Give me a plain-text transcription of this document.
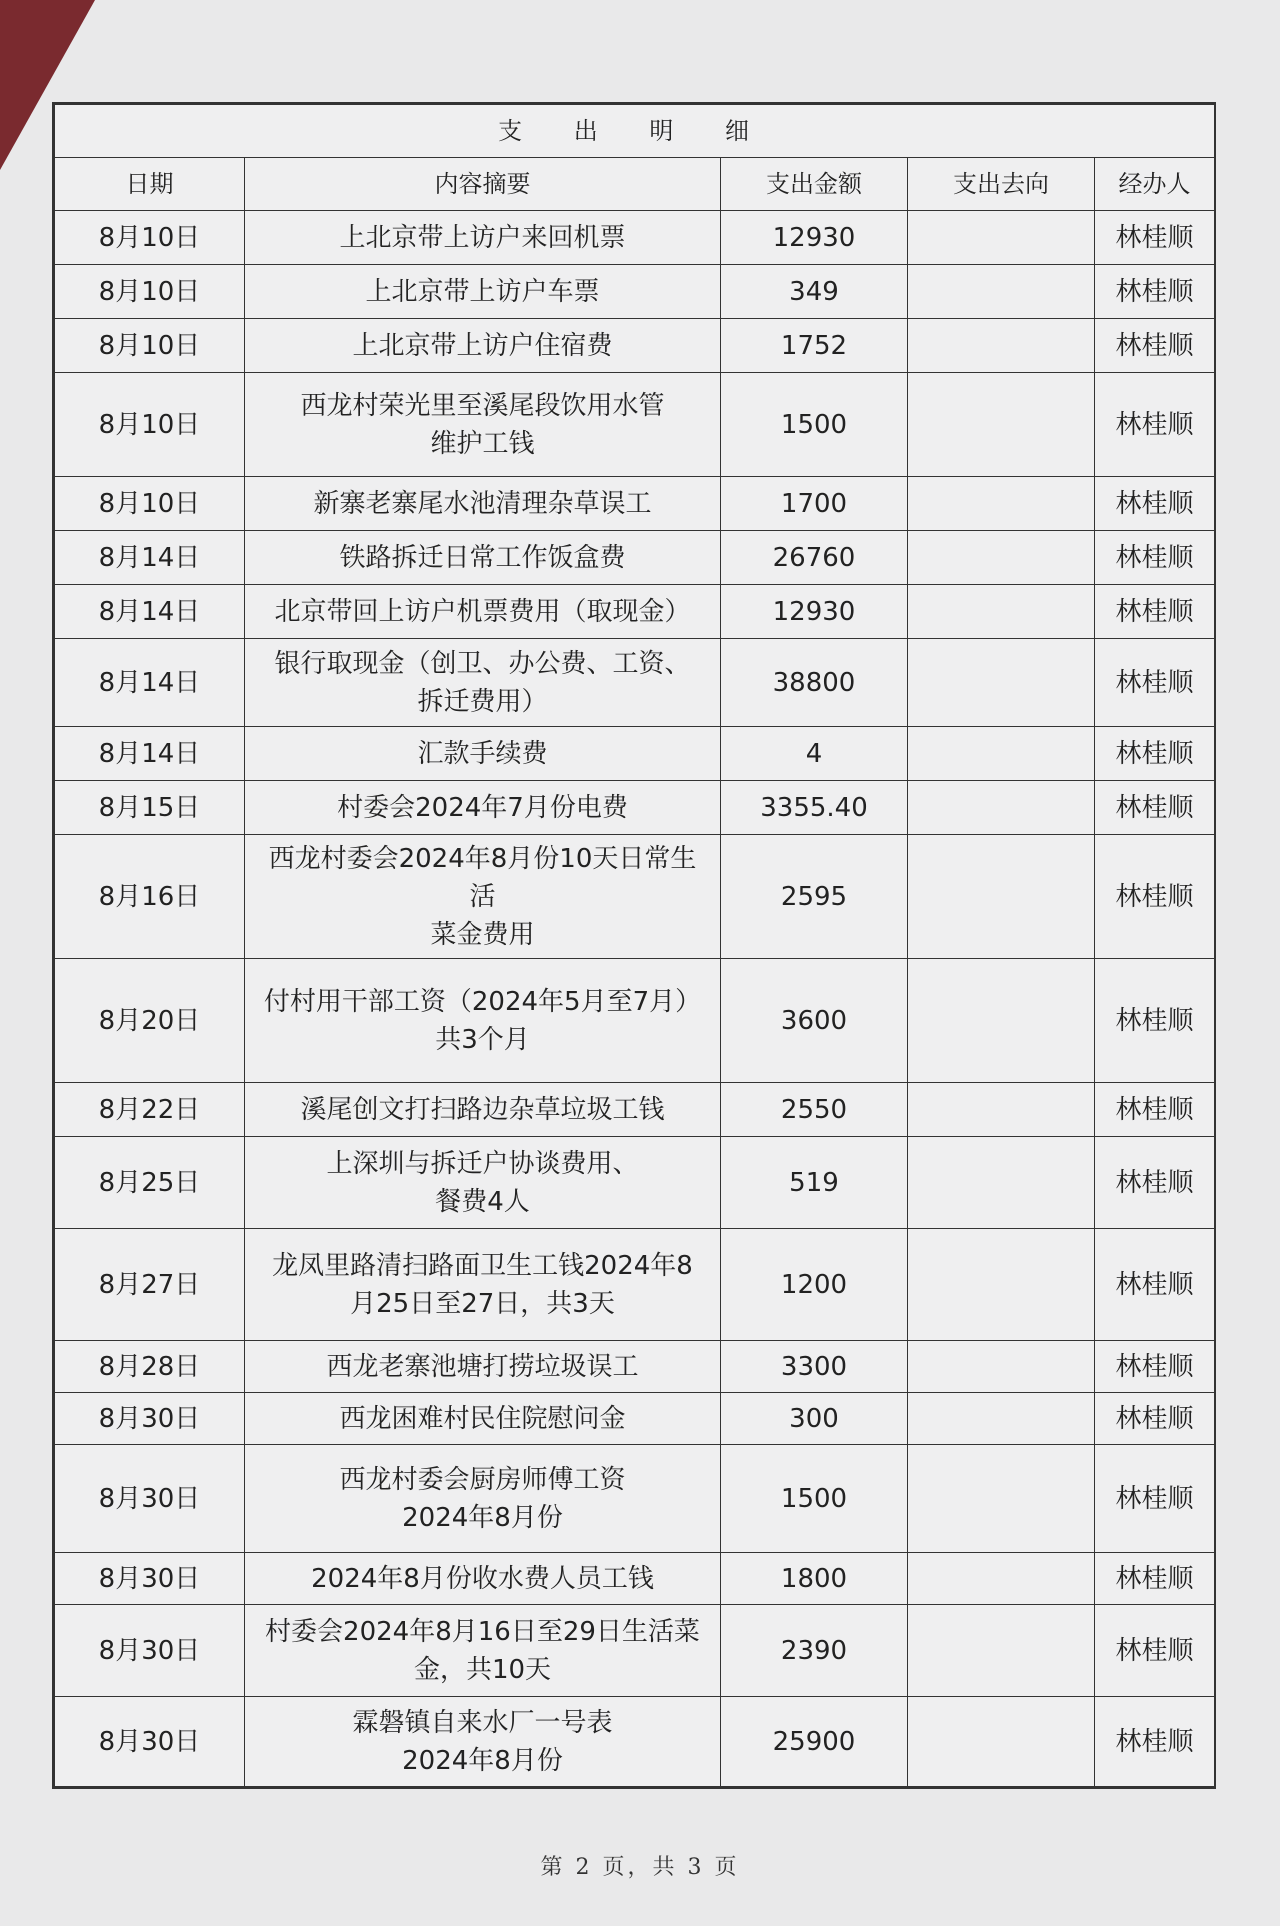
支 出 明 细				
日期	内容摘要	支出金额	支出去向	经办人
8月10日	上北京带上访户来回机票	12930		林桂顺
8月10日	上北京带上访户车票	349		林桂顺
8月10日	上北京带上访户住宿费	1752		林桂顺
8月10日	西龙村荣光里至溪尾段饮用水管
维护工钱	1500		林桂顺
8月10日	新寨老寨尾水池清理杂草误工	1700		林桂顺
8月14日	铁路拆迁日常工作饭盒费	26760		林桂顺
8月14日	北京带回上访户机票费用（取现金）	12930		林桂顺
8月14日	银行取现金（创卫、办公费、工资、
拆迁费用）	38800		林桂顺
8月14日	汇款手续费	4		林桂顺
8月15日	村委会2024年7月份电费	3355.40		林桂顺
8月16日	西龙村委会2024年8月份10天日常生
活
菜金费用	2595		林桂顺
8月20日	付村用干部工资（2024年5月至7月）
共3个月	3600		林桂顺
8月22日	溪尾创文打扫路边杂草垃圾工钱	2550		林桂顺
8月25日	上深圳与拆迁户协谈费用、
餐费4人	519		林桂顺
8月27日	龙凤里路清扫路面卫生工钱2024年8
月25日至27日，共3天	1200		林桂顺
8月28日	西龙老寨池塘打捞垃圾误工	3300		林桂顺
8月30日	西龙困难村民住院慰问金	300		林桂顺
8月30日	西龙村委会厨房师傅工资
2024年8月份	1500		林桂顺
8月30日	2024年8月份收水费人员工钱	1800		林桂顺
8月30日	村委会2024年8月16日至29日生活菜
金，共10天	2390		林桂顺
8月30日	霖磐镇自来水厂一号表
2024年8月份	25900		林桂顺
第 2 页，共 3 页
